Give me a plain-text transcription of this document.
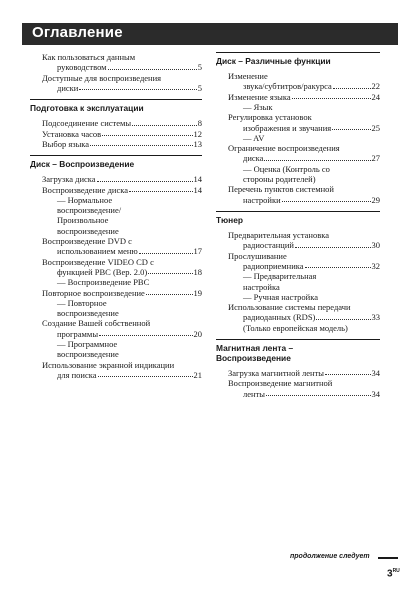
Оглавление
Как пользоваться данным
руководством	5
Доступные для воспроизведения
диски	5
Подготовка к эксплуатации
Подсоединение системы	8
Установка часов	12
Выбор языка	13
Диск – Воспроизведение
Загрузка диска	14
Воспроизведение диска	14
— Нормальное
воспроизведение/
Произвольное
воспроизведение
Воспроизведение DVD с
использованием меню	17
Воспроизведение VIDEO CD с
функцией PBC (Вер. 2.0)	18
— Воспроизведение PBC
Повторное воспроизведение	19
— Повторное
воспроизведение
Создание Вашей собственной
программы	20
— Программное
воспроизведение
Использование экранной индикации
для поиска	21
Диск – Различные функции
Изменение
звука/субтитров/ракурса	22
Изменение языка	24
— Язык
Регулировка установок
изображения и звучания	25
— AV
Ограничение воспроизведения
диска	27
— Оценка (Контроль со
стороны родителей)
Перечень пунктов системной
настройки	29
Тюнер
Предварительная установка
радиостанций	30
Прослушивание
радиоприемника	32
— Предварительная
настройка
— Ручная настройка
Использование системы передачи
радиоданных (RDS)	33
(Только европейская модель)
Магнитная лента –
Воспроизведение
Загрузка магнитной ленты	34
Воспроизведение магнитной
ленты	34
продолжение следует
$3^{RU}$
